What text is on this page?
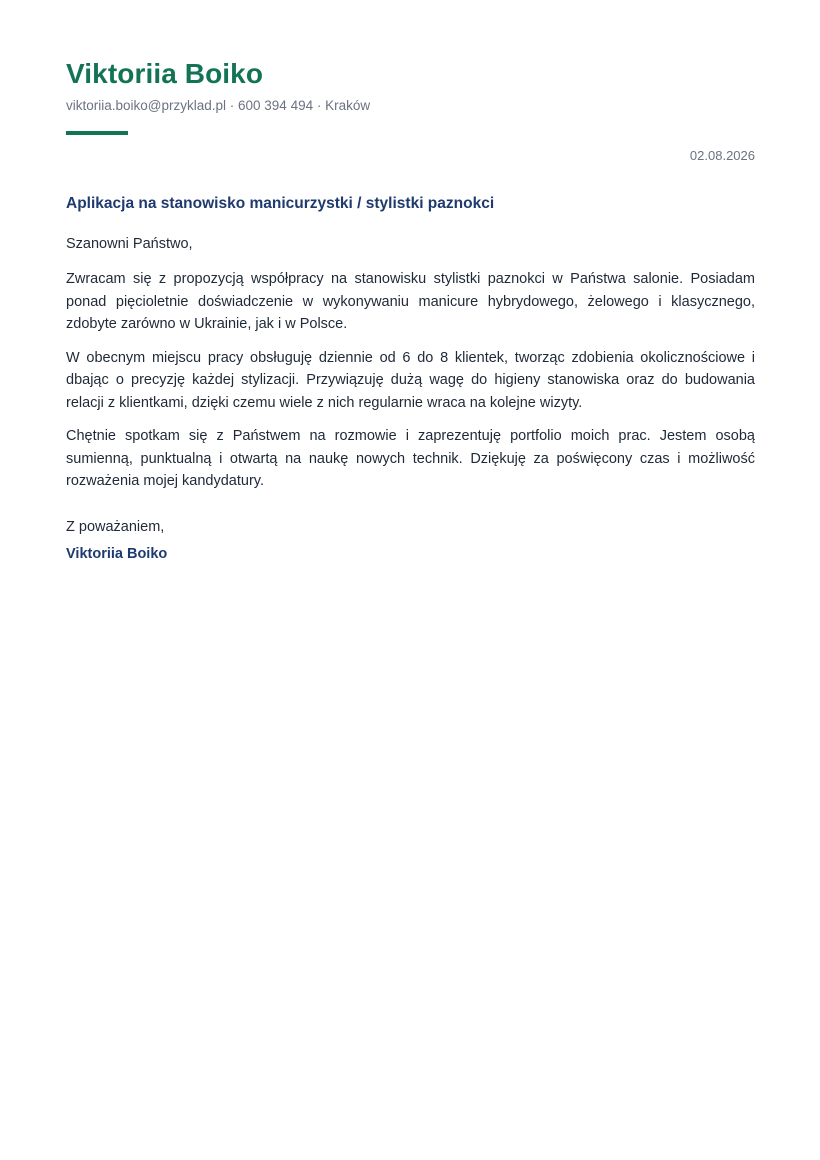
Viktoriia Boiko
viktoriia.boiko@przyklad.pl · 600 394 494 · Kraków
02.08.2026
Aplikacja na stanowisko manicurzystki / stylistki paznokci
Szanowni Państwo,

Zwracam się z propozycją współpracy na stanowisku stylistki paznokci w Państwa salonie. Posiadam ponad pięcioletnie doświadczenie w wykonywaniu manicure hybrydowego, żelowego i klasycznego, zdobyte zarówno w Ukrainie, jak i w Polsce.

W obecnym miejscu pracy obsługuję dziennie od 6 do 8 klientek, tworząc zdobienia okolicznościowe i dbając o precyzję każdej stylizacji. Przywiązuję dużą wagę do higieny stanowiska oraz do budowania relacji z klientkami, dzięki czemu wiele z nich regularnie wraca na kolejne wizyty.

Chętnie spotkam się z Państwem na rozmowie i zaprezentuję portfolio moich prac. Jestem osobą sumienną, punktualną i otwartą na naukę nowych technik. Dziękuję za poświęcony czas i możliwość rozważenia mojej kandydatury.

Z poważaniem,
Viktoriia Boiko
